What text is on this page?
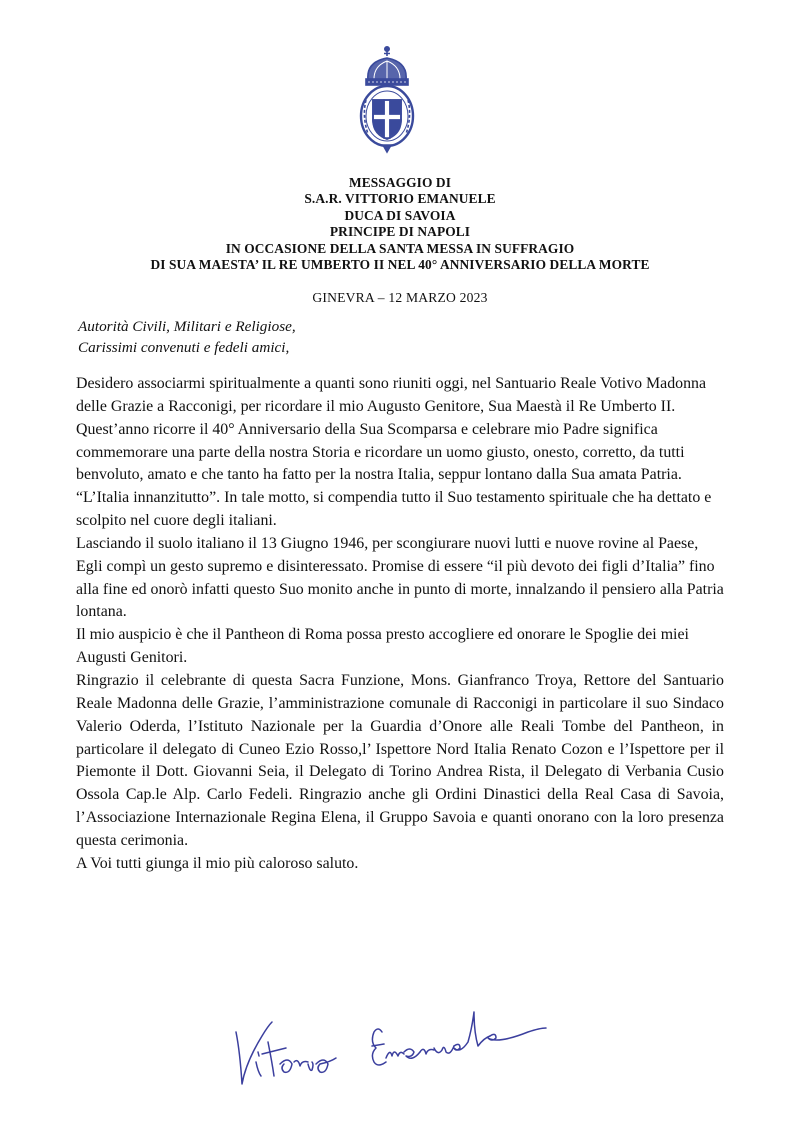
MESSAGGIO DI
S.A.R. VITTORIO EMANUELE
DUCA DI SAVOIA
PRINCIPE DI NAPOLI
IN OCCASIONE DELLA SANTA MESSA IN SUFFRAGIO
DI SUA MAESTA’ IL RE UMBERTO II NEL 40° ANNIVERSARIO DELLA MORTE
GINEVRA – 12 MARZO 2023
Autorità Civili, Militari e Religiose,
Carissimi convenuti e fedeli amici,

Desidero associarmi spiritualmente a quanti sono riuniti oggi, nel Santuario Reale Votivo Madonna delle Grazie a Racconigi, per ricordare il mio Augusto Genitore, Sua Maestà il Re Umberto II.

Quest’anno ricorre il 40° Anniversario della Sua Scomparsa e celebrare mio Padre significa commemorare una parte della nostra Storia e ricordare un uomo giusto, onesto, corretto, da tutti benvoluto, amato e che tanto ha fatto per la nostra Italia, seppur lontano dalla Sua amata Patria.

“L’Italia innanzitutto”. In tale motto, si compendia tutto il Suo testamento spirituale che ha dettato e scolpito nel cuore degli italiani.

Lasciando il suolo italiano il 13 Giugno 1946, per scongiurare nuovi lutti e nuove rovine al Paese, Egli compì un gesto supremo e disinteressato. Promise di essere “il più devoto dei figli d’Italia” fino alla fine ed onorò infatti questo Suo monito anche in punto di morte, innalzando il pensiero alla Patria lontana.

Il mio auspicio è che il Pantheon di Roma possa presto accogliere ed onorare le Spoglie dei miei Augusti Genitori.

Ringrazio il celebrante di questa Sacra Funzione, Mons. Gianfranco Troya, Rettore del Santuario Reale Madonna delle Grazie, l’amministrazione comunale di Racconigi in particolare il suo Sindaco Valerio Oderda, l’Istituto Nazionale per la Guardia d’Onore alle Reali Tombe del Pantheon, in particolare il delegato di Cuneo Ezio Rosso,l’ Ispettore Nord Italia Renato Cozon e l’Ispettore per il Piemonte il Dott. Giovanni Seia, il Delegato di Torino Andrea Rista, il Delegato di Verbania Cusio Ossola Cap.le Alp. Carlo Fedeli. Ringrazio anche gli Ordini Dinastici della Real Casa di Savoia, l’Associazione Internazionale Regina Elena, il Gruppo Savoia e quanti onorano con la loro presenza questa cerimonia.

A Voi tutti giunga il mio più caloroso saluto.
